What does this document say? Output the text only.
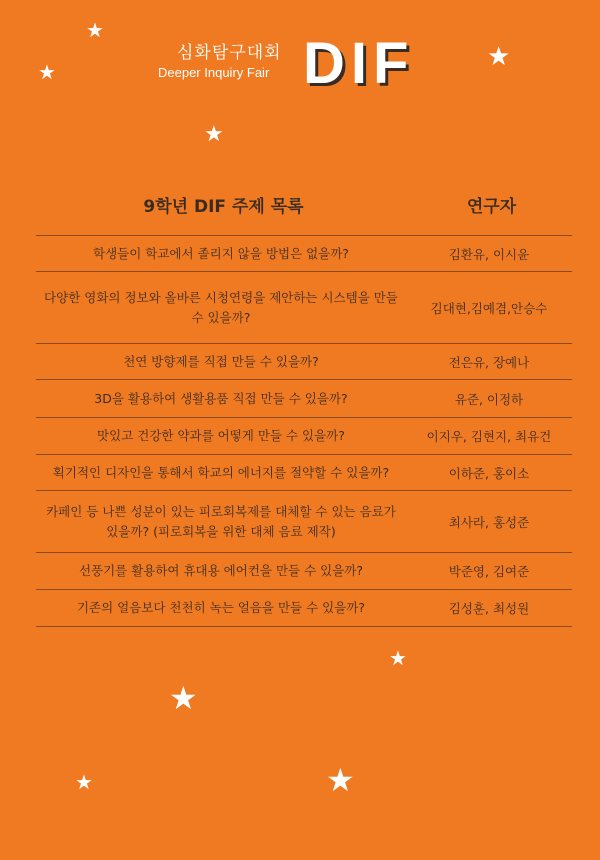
★
★	★
★
★
★
★	★
심화탐구대회
Deeper Inquiry Fair DIF
9학년 DIF 주제 목록	연구자
학생들이 학교에서 졸리지 않을 방법은 없을까?	김환유, 이시윤
다양한 영화의 정보와 올바른 시청연령을 제안하는 시스템을 만들 수 있을까?	김대현,김예겸,안승수
천연 방향제를 직접 만들 수 있을까?	전은유, 장예나
3D을 활용하여 생활용품 직접 만들 수 있을까?	유준, 이정하
맛있고 건강한 약과를 어떻게 만들 수 있을까?	이지우, 김현지, 최유건
획기적인 디자인을 통해서 학교의 에너지를 절약할 수 있을까?	이하준, 홍이소
카페인 등 나쁜 성분이 있는 피로회복제를 대체할 수 있는 음료가 있을까? (피로회복을 위한 대체 음료 제작)	최사라, 홍성준
선풍기를 활용하여 휴대용 에어컨을 만들 수 있을까?	박준영, 김여준
기존의 얼음보다 천천히 녹는 얼음을 만들 수 있을까?	김성훈, 최성원
